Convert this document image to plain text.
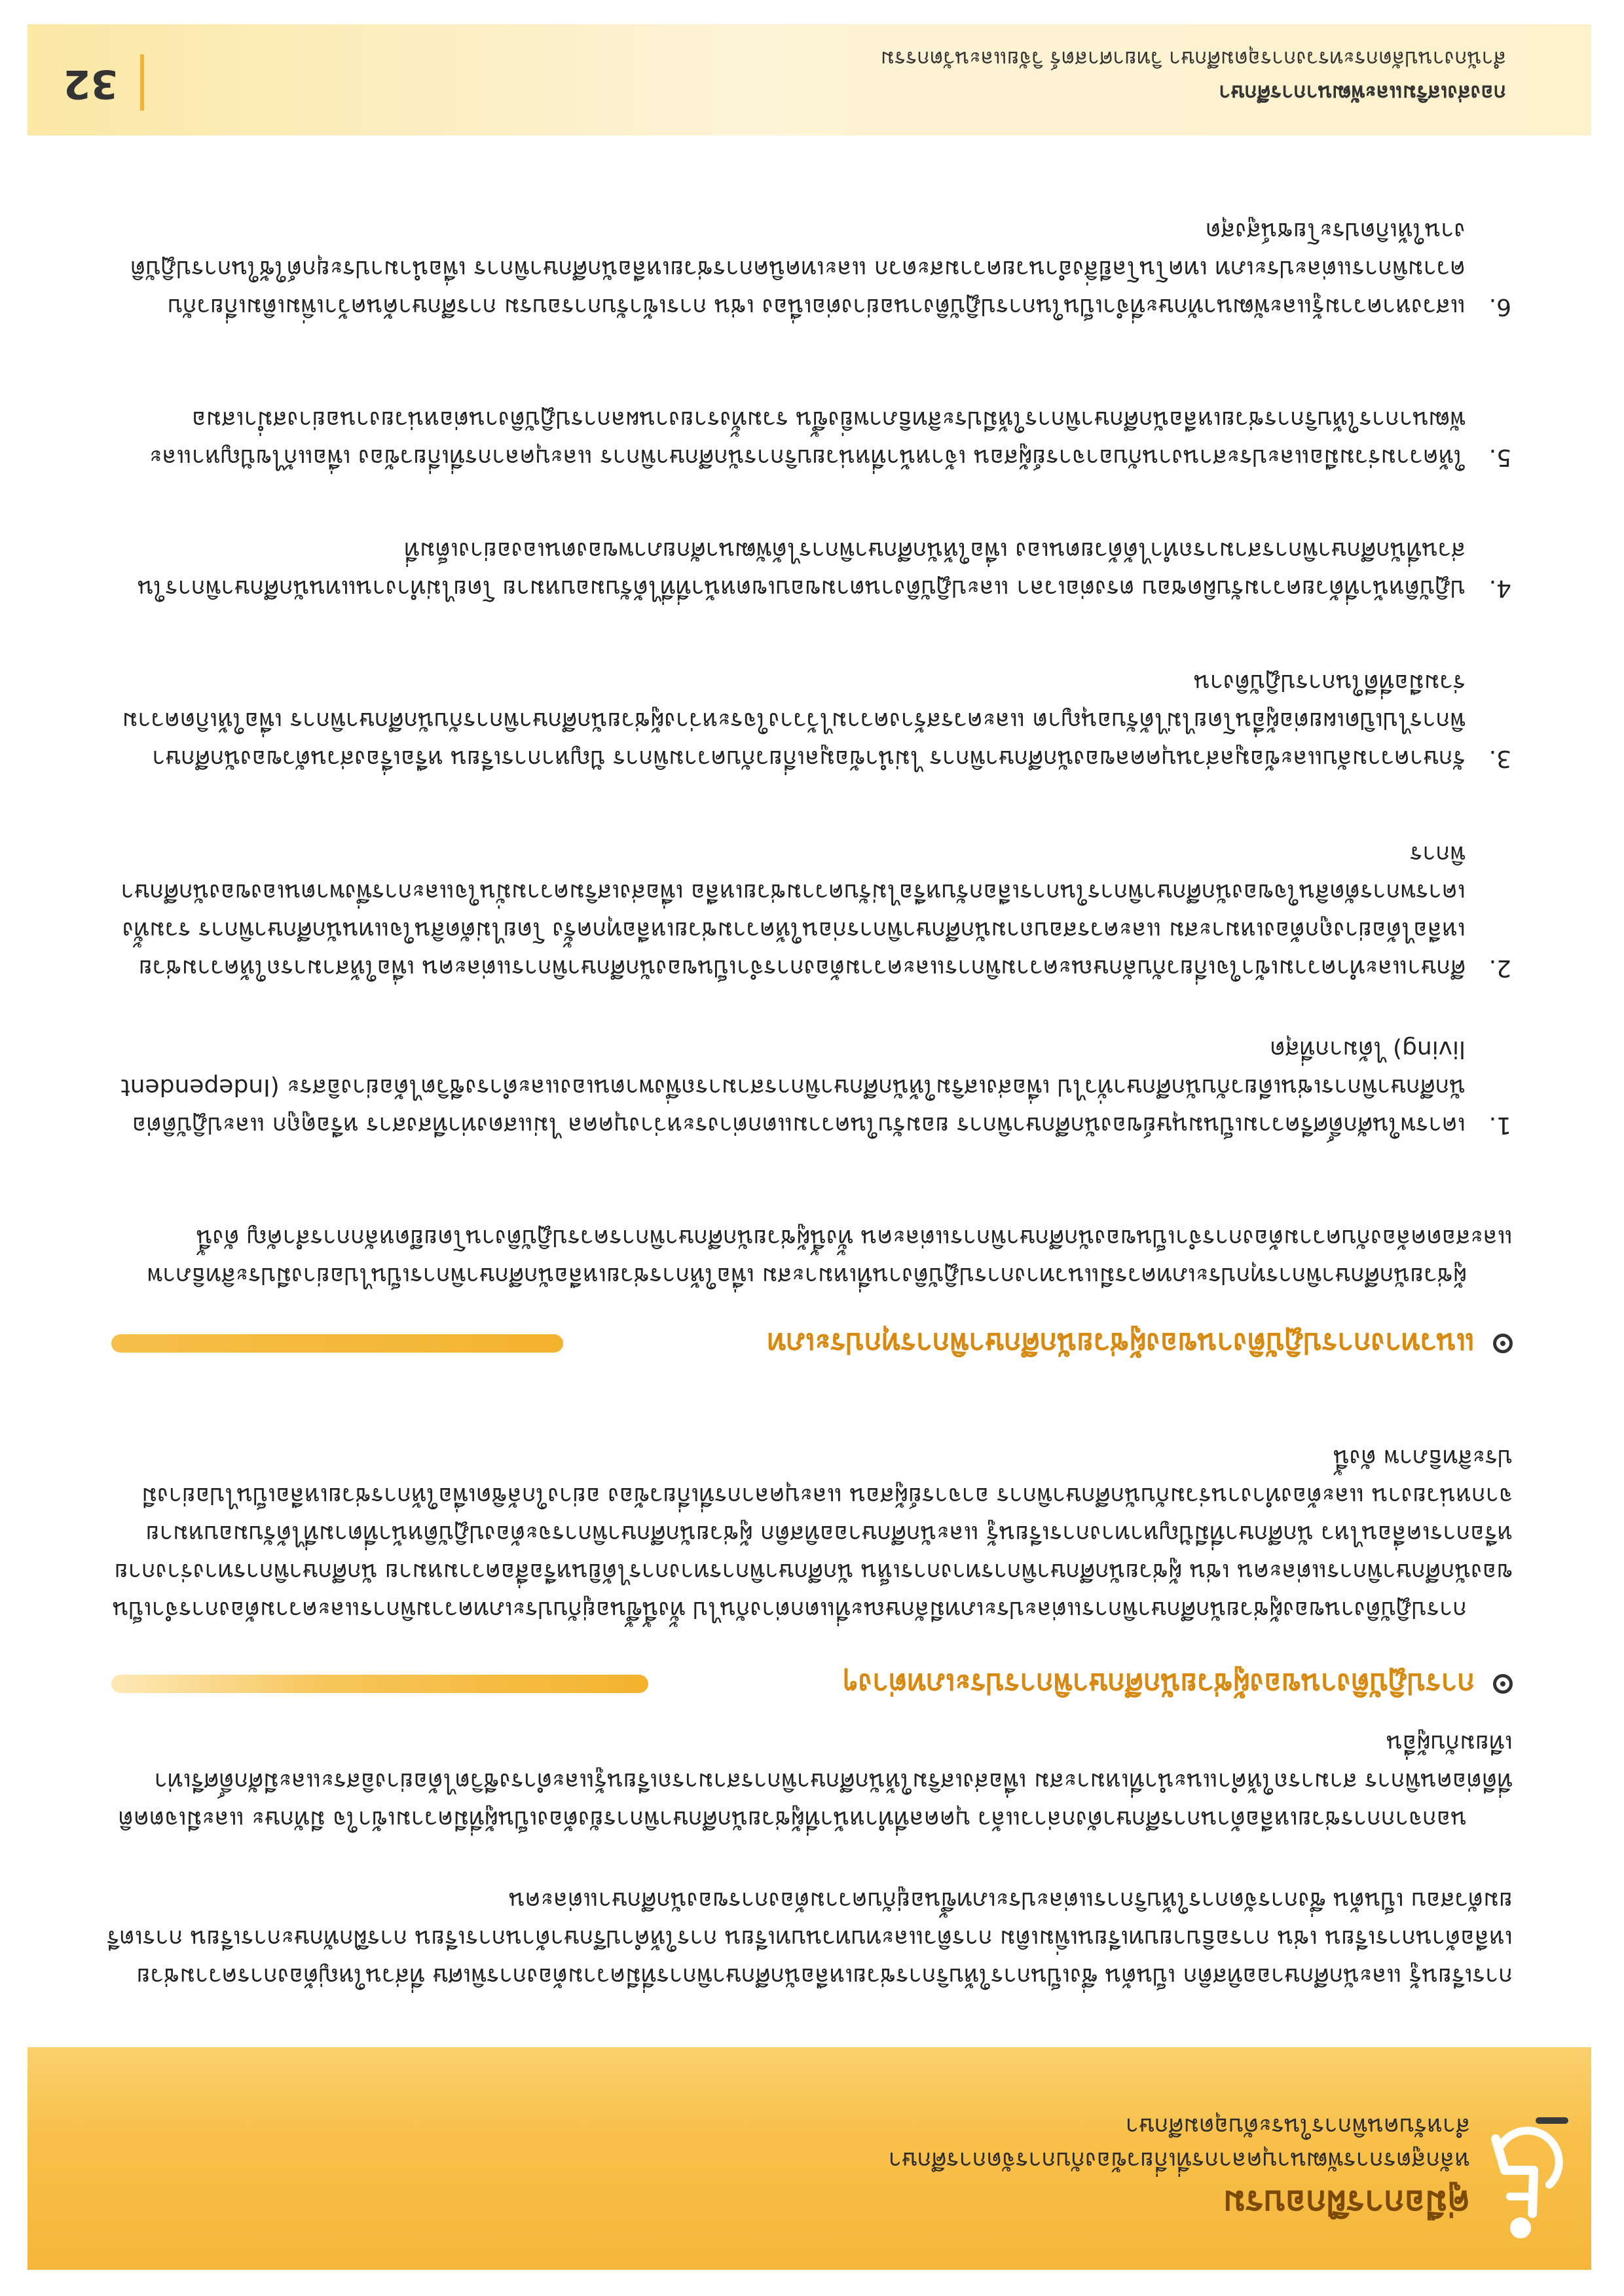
คู่มือการฝึกอบรม
หลักสูตรการพัฒนาบุคลากรที่เกี่ยวข้องกับการจัดการศึกษา
สำหรับคนพิการในระดับอุดมศึกษา

การเรียนรู้ และนักศึกษาออทิสติก เป็นต้น ซึ่งเป็นการให้บริการช่วยเหลือนักศึกษาพิการที่มีความต้องการพิเศษ ที่ส่วนใหญ่ต้องการความช่วยเหลือด้านการเรียน เช่น การอธิบายบทเรียนเพิ่มเติม การติวและทบทวนบทเรียน การให้คำปรึกษาด้านการเรียน การฝึกทักษะการเรียน การเตรียมตัวสอบ เป็นต้น ซึ่งการจัดการให้บริการแต่ละประเภทขึ้นอยู่กับความต้องการของนักศึกษาแต่ละคน

นอกจากการช่วยเหลือด้านการศึกษาดังกล่าวแล้ว บุคคลที่ทำหน้าที่ผู้ช่วยนักศึกษาพิการยังต้องเป็นผู้ที่มีความเข้าใจ มีทักษะ และมีเจตคติที่ดีต่อคนพิการ สามารถให้คำแนะนำที่เหมาะสม เพื่อส่งเสริมให้นักศึกษาพิการสามารถเรียนรู้และดำรงชีวิตได้อย่างอิสระและมีศักดิ์ศรีเท่าเทียมกับผู้อื่น

การปฏิบัติงานของผู้ช่วยนักศึกษาพิการประเภทต่างๆ

การปฏิบัติงานของผู้ช่วยนักศึกษาพิการแต่ละประเภทมีลักษณะที่แตกต่างกันไป ทั้งนี้ขึ้นอยู่กับประเภทความพิการและความต้องการจำเป็นของนักศึกษาพิการแต่ละคน เช่น ผู้ช่วยนักศึกษาพิการทางการเห็น นักศึกษาพิการทางการได้ยินหรือสื่อความหมาย นักศึกษาพิการทางร่างกายหรือการเคลื่อนไหว นักศึกษาที่มีปัญหาทางการเรียนรู้ และนักศึกษาออทิสติก ผู้ช่วยนักศึกษาพิการจะต้องปฏิบัติหน้าที่ตามที่ได้รับมอบหมายจากหน่วยงาน และต้องทำงานร่วมกับนักศึกษาพิการ อาจารย์ผู้สอน และบุคลากรที่เกี่ยวข้อง อย่างใกล้ชิดเพื่อให้การช่วยเหลือเป็นไปอย่างมีประสิทธิภาพ ดังนี้

แนวทางการปฏิบัติงานของผู้ช่วยนักศึกษาพิการทุกประเภท

ผู้ช่วยนักศึกษาพิการทุกประเภทควรมีแนวทางการปฏิบัติงานที่เหมาะสม เพื่อให้การช่วยเหลือนักศึกษาพิการเป็นไปอย่างมีประสิทธิภาพและสอดคล้องกับความต้องการจำเป็นของนักศึกษาพิการแต่ละคน ทั้งนี้ผู้ช่วยนักศึกษาพิการควรปฏิบัติงานโดยยึดหลักการสำคัญ ดังนี้

1.
เคารพในศักดิ์ศรีความเป็นมนุษย์ของนักศึกษาพิการ ยอมรับในความแตกต่างระหว่างบุคคล ไม่แสดงท่าทีสงสาร หรือดูถูก และปฏิบัติต่อนักศึกษาพิการเช่นเดียวกับนักศึกษาทั่วไป เพื่อส่งเสริมให้นักศึกษาพิการสามารถพึ่งพาตนเองและดำรงชีวิตได้อย่างอิสระ (Independent living) ได้มากที่สุด
2.
ศึกษาและทำความเข้าใจเกี่ยวกับลักษณะความพิการและความต้องการจำเป็นของนักศึกษาพิการแต่ละคน เพื่อให้สามารถให้ความช่วยเหลือได้อย่างถูกต้องเหมาะสม และควรสอบถามนักศึกษาพิการก่อนให้ความช่วยเหลือทุกครั้ง โดยไม่ตัดสินใจแทนนักศึกษาพิการ รวมทั้งเคารพการตัดสินใจของนักศึกษาพิการในการเลือกรับหรือไม่รับความช่วยเหลือ เพื่อส่งเสริมความมั่นใจและการพึ่งพาตนเองของนักศึกษาพิการ
3.
รักษาความลับและข้อมูลส่วนบุคคลของนักศึกษาพิการ ไม่นำข้อมูลเกี่ยวกับความพิการ ปัญหาการเรียน หรือเรื่องส่วนตัวของนักศึกษาพิการไปเปิดเผยต่อผู้อื่นโดยไม่ได้รับอนุญาต และควรสร้างความไว้วางใจระหว่างผู้ช่วยนักศึกษาพิการกับนักศึกษาพิการ เพื่อให้เกิดความร่วมมือที่ดีในการปฏิบัติงาน
4.
ปฏิบัติหน้าที่ด้วยความรับผิดชอบ ตรงต่อเวลา และปฏิบัติงานตามขอบเขตหน้าที่ที่ได้รับมอบหมาย โดยไม่ทำงานแทนนักศึกษาพิการในส่วนที่นักศึกษาพิการสามารถทำได้ด้วยตนเอง เพื่อให้นักศึกษาพิการได้พัฒนาศักยภาพของตนเองอย่างเต็มที่
5.
ให้ความร่วมมือและประสานงานกับอาจารย์ผู้สอน เจ้าหน้าที่หน่วยบริการนักศึกษาพิการ และบุคลากรที่เกี่ยวข้อง เพื่อแก้ไขปัญหาและพัฒนาการให้บริการช่วยเหลือนักศึกษาพิการให้มีประสิทธิภาพยิ่งขึ้น รวมทั้งรายงานผลการปฏิบัติงานต่อหน่วยงานอย่างสม่ำเสมอ
6.
แสวงหาความรู้และพัฒนาทักษะที่จำเป็นในการปฏิบัติงานอย่างต่อเนื่อง เช่น การเข้ารับการอบรม การศึกษาค้นคว้าเพิ่มเติมเกี่ยวกับความพิการแต่ละประเภท เทคโนโลยีสิ่งอำนวยความสะดวก และเทคนิคการช่วยเหลือนักศึกษาพิการ เพื่อนำมาประยุกต์ใช้ในการปฏิบัติงานให้เกิดประโยชน์สูงสุด
กองส่งเสริมและพัฒนาการศึกษา
สำนักงานปลัดกระทรวงการอุดมศึกษา วิทยาศาสตร์ วิจัยและนวัตกรรม
32
